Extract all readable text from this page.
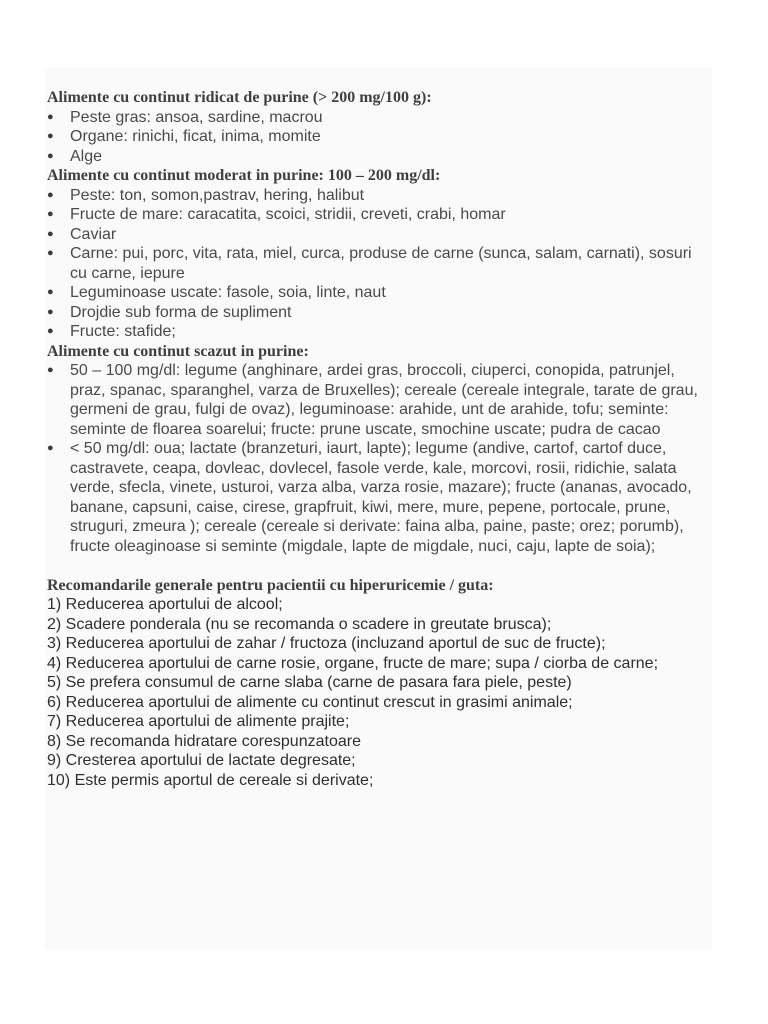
Alimente cu continut ridicat de purine (> 200 mg/100 g):

● Peste gras: ansoa, sardine, macrou
● Organe: rinichi, ficat, inima, momite
● Alge

Alimente cu continut moderat in purine: 100 – 200 mg/dl:

● Peste: ton, somon,pastrav, hering, halibut
● Fructe de mare: caracatita, scoici, stridii, creveti, crabi, homar
● Caviar
● Carne: pui, porc, vita, rata, miel, curca, produse de carne (sunca, salam, carnati), sosuri cu carne, iepure
● Leguminoase uscate: fasole, soia, linte, naut
● Drojdie sub forma de supliment
● Fructe: stafide;

Alimente cu continut scazut in purine:

● 50 – 100 mg/dl: legume (anghinare, ardei gras, broccoli, ciuperci, conopida, patrunjel, praz, spanac, sparanghel, varza de Bruxelles); cereale (cereale integrale, tarate de grau, germeni de grau, fulgi de ovaz), leguminoase: arahide, unt de arahide, tofu; seminte: seminte de floarea soarelui; fructe: prune uscate, smochine uscate; pudra de cacao
● < 50 mg/dl: oua; lactate (branzeturi, iaurt, lapte); legume (andive, cartof, cartof duce, castravete, ceapa, dovleac, dovlecel, fasole verde, kale, morcovi, rosii, ridichie, salata verde, sfecla, vinete, usturoi, varza alba, varza rosie, mazare); fructe (ananas, avocado, banane, capsuni, caise, cirese, grapfruit, kiwi, mere, mure, pepene, portocale, prune, struguri, zmeura ); cereale (cereale si derivate: faina alba, paine, paste; orez; porumb), fructe oleaginoase si seminte (migdale, lapte de migdale, nuci, caju, lapte de soia);

Recomandarile generale pentru pacientii cu hiperuricemie / guta:

1) Reducerea aportului de alcool;
2) Scadere ponderala (nu se recomanda o scadere in greutate brusca);
3) Reducerea aportului de zahar / fructoza (incluzand aportul de suc de fructe);
4) Reducerea aportului de carne rosie, organe, fructe de mare; supa / ciorba de carne;
5) Se prefera consumul de carne slaba (carne de pasara fara piele, peste)
6) Reducerea aportului de alimente cu continut crescut in grasimi animale;
7) Reducerea aportului de alimente prajite;
8) Se recomanda hidratare corespunzatoare
9) Cresterea aportului de lactate degresate;
10) Este permis aportul de cereale si derivate;
